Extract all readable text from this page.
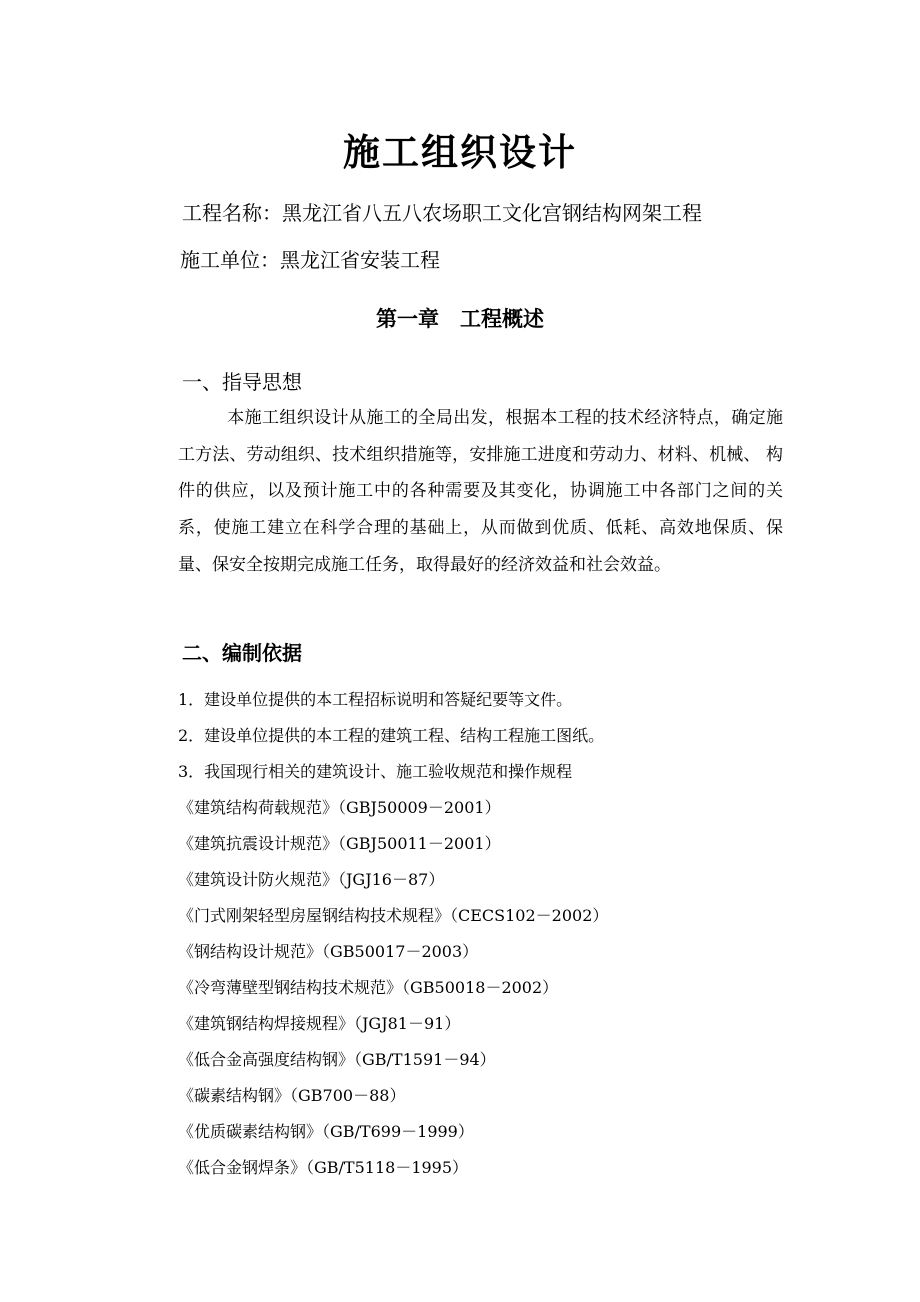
施工组织设计
工程名称：黑龙江省八五八农场职工文化宫钢结构网架工程
施工单位：黑龙江省安装工程
第一章　工程概述
一、指导思想
本施工组织设计从施工的全局出发，根据本工程的技术经济特点，确定施工方法、劳动组织、技术组织措施等，安排施工进度和劳动力、材料、机械、 构件的供应，以及预计施工中的各种需要及其变化，协调施工中各部门之间的关系，使施工建立在科学合理的基础上，从而做到优质、低耗、高效地保质、保量、保安全按期完成施工任务，取得最好的经济效益和社会效益。
二、编制依据
1．建设单位提供的本工程招标说明和答疑纪要等文件。
2．建设单位提供的本工程的建筑工程、结构工程施工图纸。
3．我国现行相关的建筑设计、施工验收规范和操作规程
《建筑结构荷载规范》（GBJ50009－2001）
《建筑抗震设计规范》（GBJ50011－2001）
《建筑设计防火规范》（JGJ16－87）
《门式刚架轻型房屋钢结构技术规程》（CECS102－2002）
《钢结构设计规范》（GB50017－2003）
《冷弯薄壁型钢结构技术规范》（GB50018－2002）
《建筑钢结构焊接规程》（JGJ81－91）
《低合金高强度结构钢》（GB/T1591－94）
《碳素结构钢》（GB700－88）
《优质碳素结构钢》（GB/T699－1999）
《低合金钢焊条》（GB/T5118－1995）
